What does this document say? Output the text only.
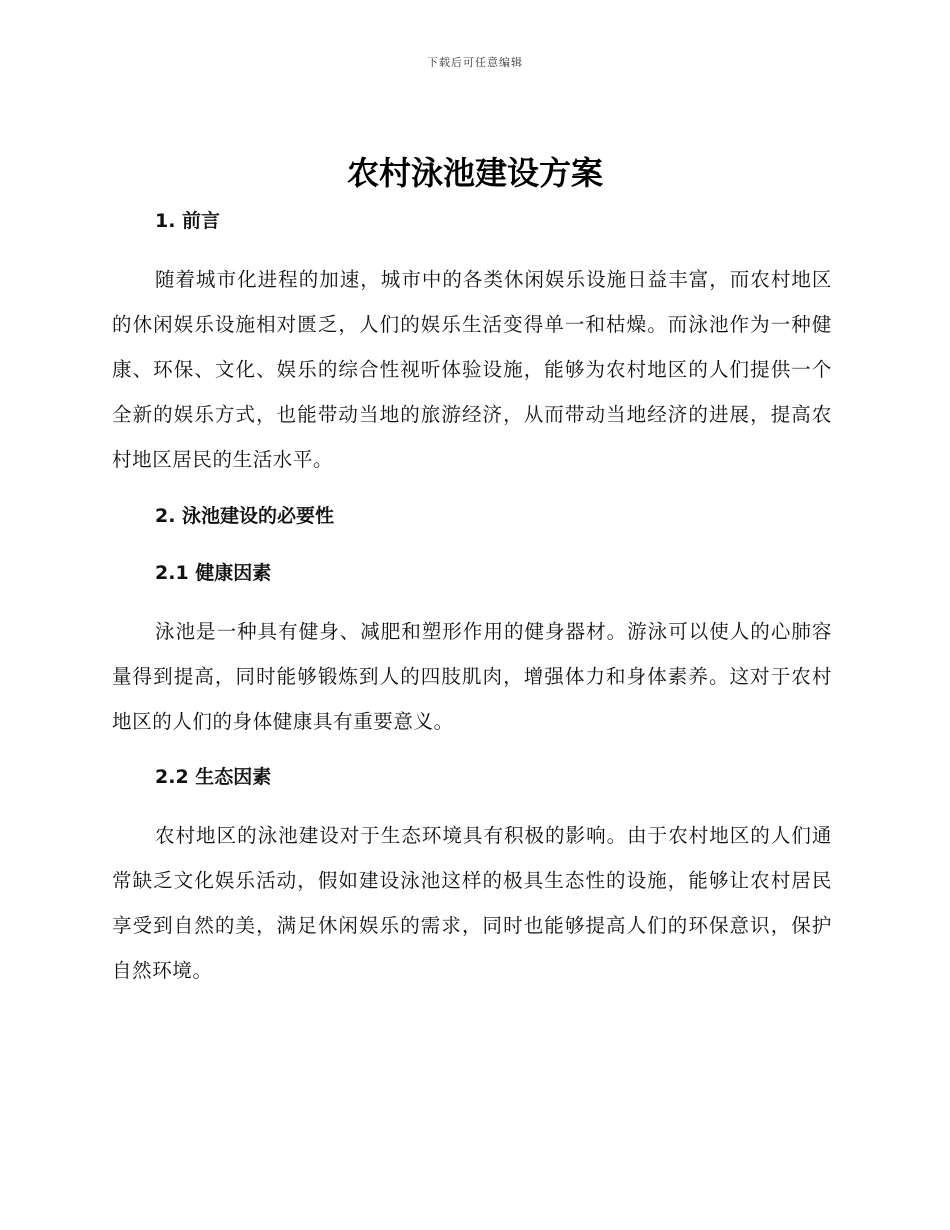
下载后可任意编辑
农村泳池建设方案
1. 前言
随着城市化进程的加速，城市中的各类休闲娱乐设施日益丰富，而农村地区的休闲娱乐设施相对匮乏，人们的娱乐生活变得单一和枯燥。而泳池作为一种健康、环保、文化、娱乐的综合性视听体验设施，能够为农村地区的人们提供一个全新的娱乐方式，也能带动当地的旅游经济，从而带动当地经济的进展，提高农村地区居民的生活水平。
2. 泳池建设的必要性
2.1 健康因素
泳池是一种具有健身、减肥和塑形作用的健身器材。游泳可以使人的心肺容量得到提高，同时能够锻炼到人的四肢肌肉，增强体力和身体素养。这对于农村地区的人们的身体健康具有重要意义。
2.2 生态因素
农村地区的泳池建设对于生态环境具有积极的影响。由于农村地区的人们通常缺乏文化娱乐活动，假如建设泳池这样的极具生态性的设施，能够让农村居民享受到自然的美，满足休闲娱乐的需求，同时也能够提高人们的环保意识，保护自然环境。
